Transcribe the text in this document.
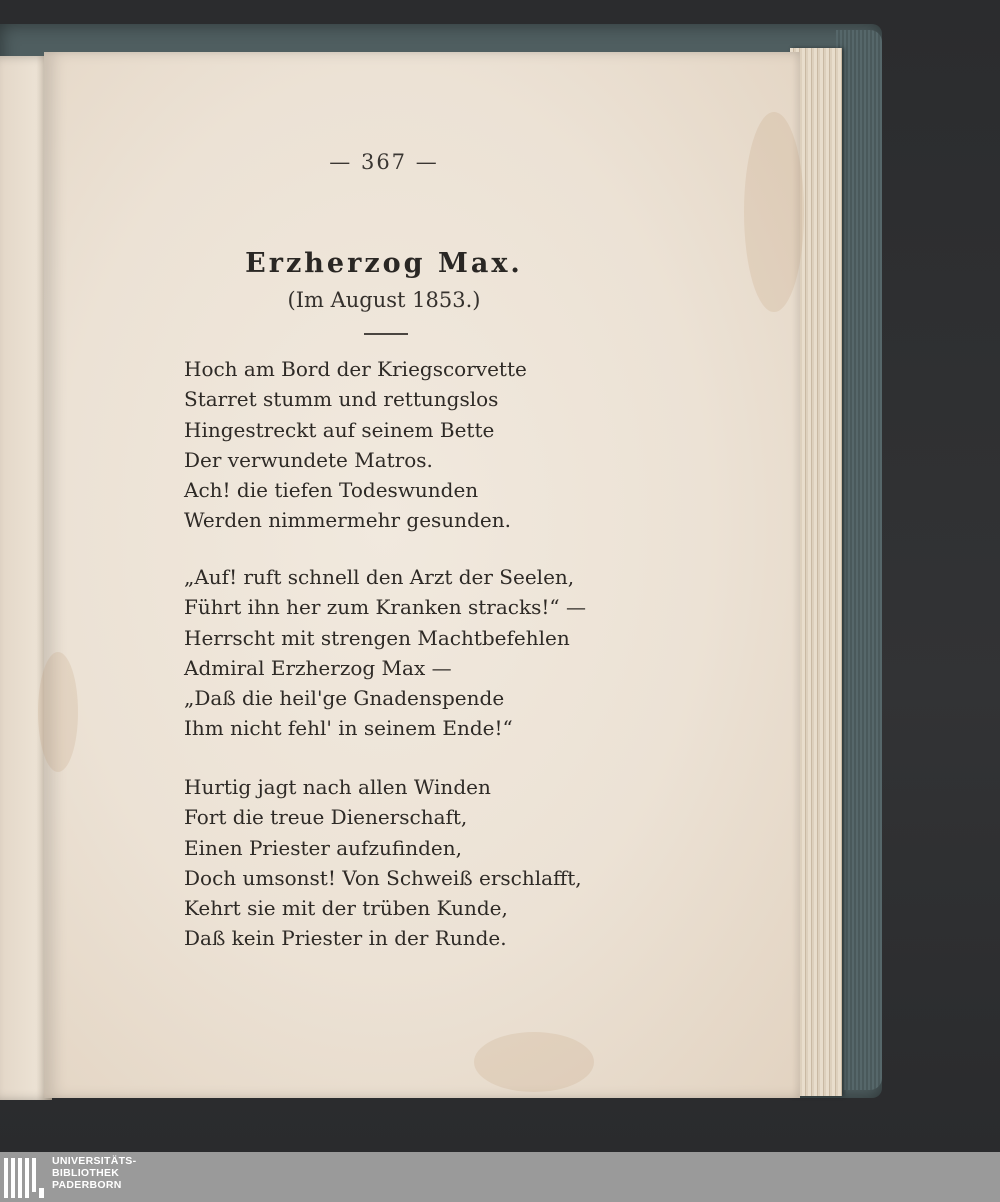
— 367 —
Erzherzog Max.
(Im August 1853.)
Hoch am Bord der Kriegscorvette
Starret stumm und rettungslos
Hingestreckt auf seinem Bette
Der verwundete Matros.
Ach! die tiefen Todeswunden
Werden nimmermehr gesunden.
„Auf! ruft schnell den Arzt der Seelen,
Führt ihn her zum Kranken stracks!“ —
Herrscht mit strengen Machtbefehlen
Admiral Erzherzog Max —
„Daß die heil'ge Gnadenspende
Ihm nicht fehl' in seinem Ende!“
Hurtig jagt nach allen Winden
Fort die treue Dienerschaft,
Einen Priester aufzufinden,
Doch umsonst! Von Schweiß erschlafft,
Kehrt sie mit der trüben Kunde,
Daß kein Priester in der Runde.
UNIVERSITÄTS-
BIBLIOTHEK
PADERBORN
